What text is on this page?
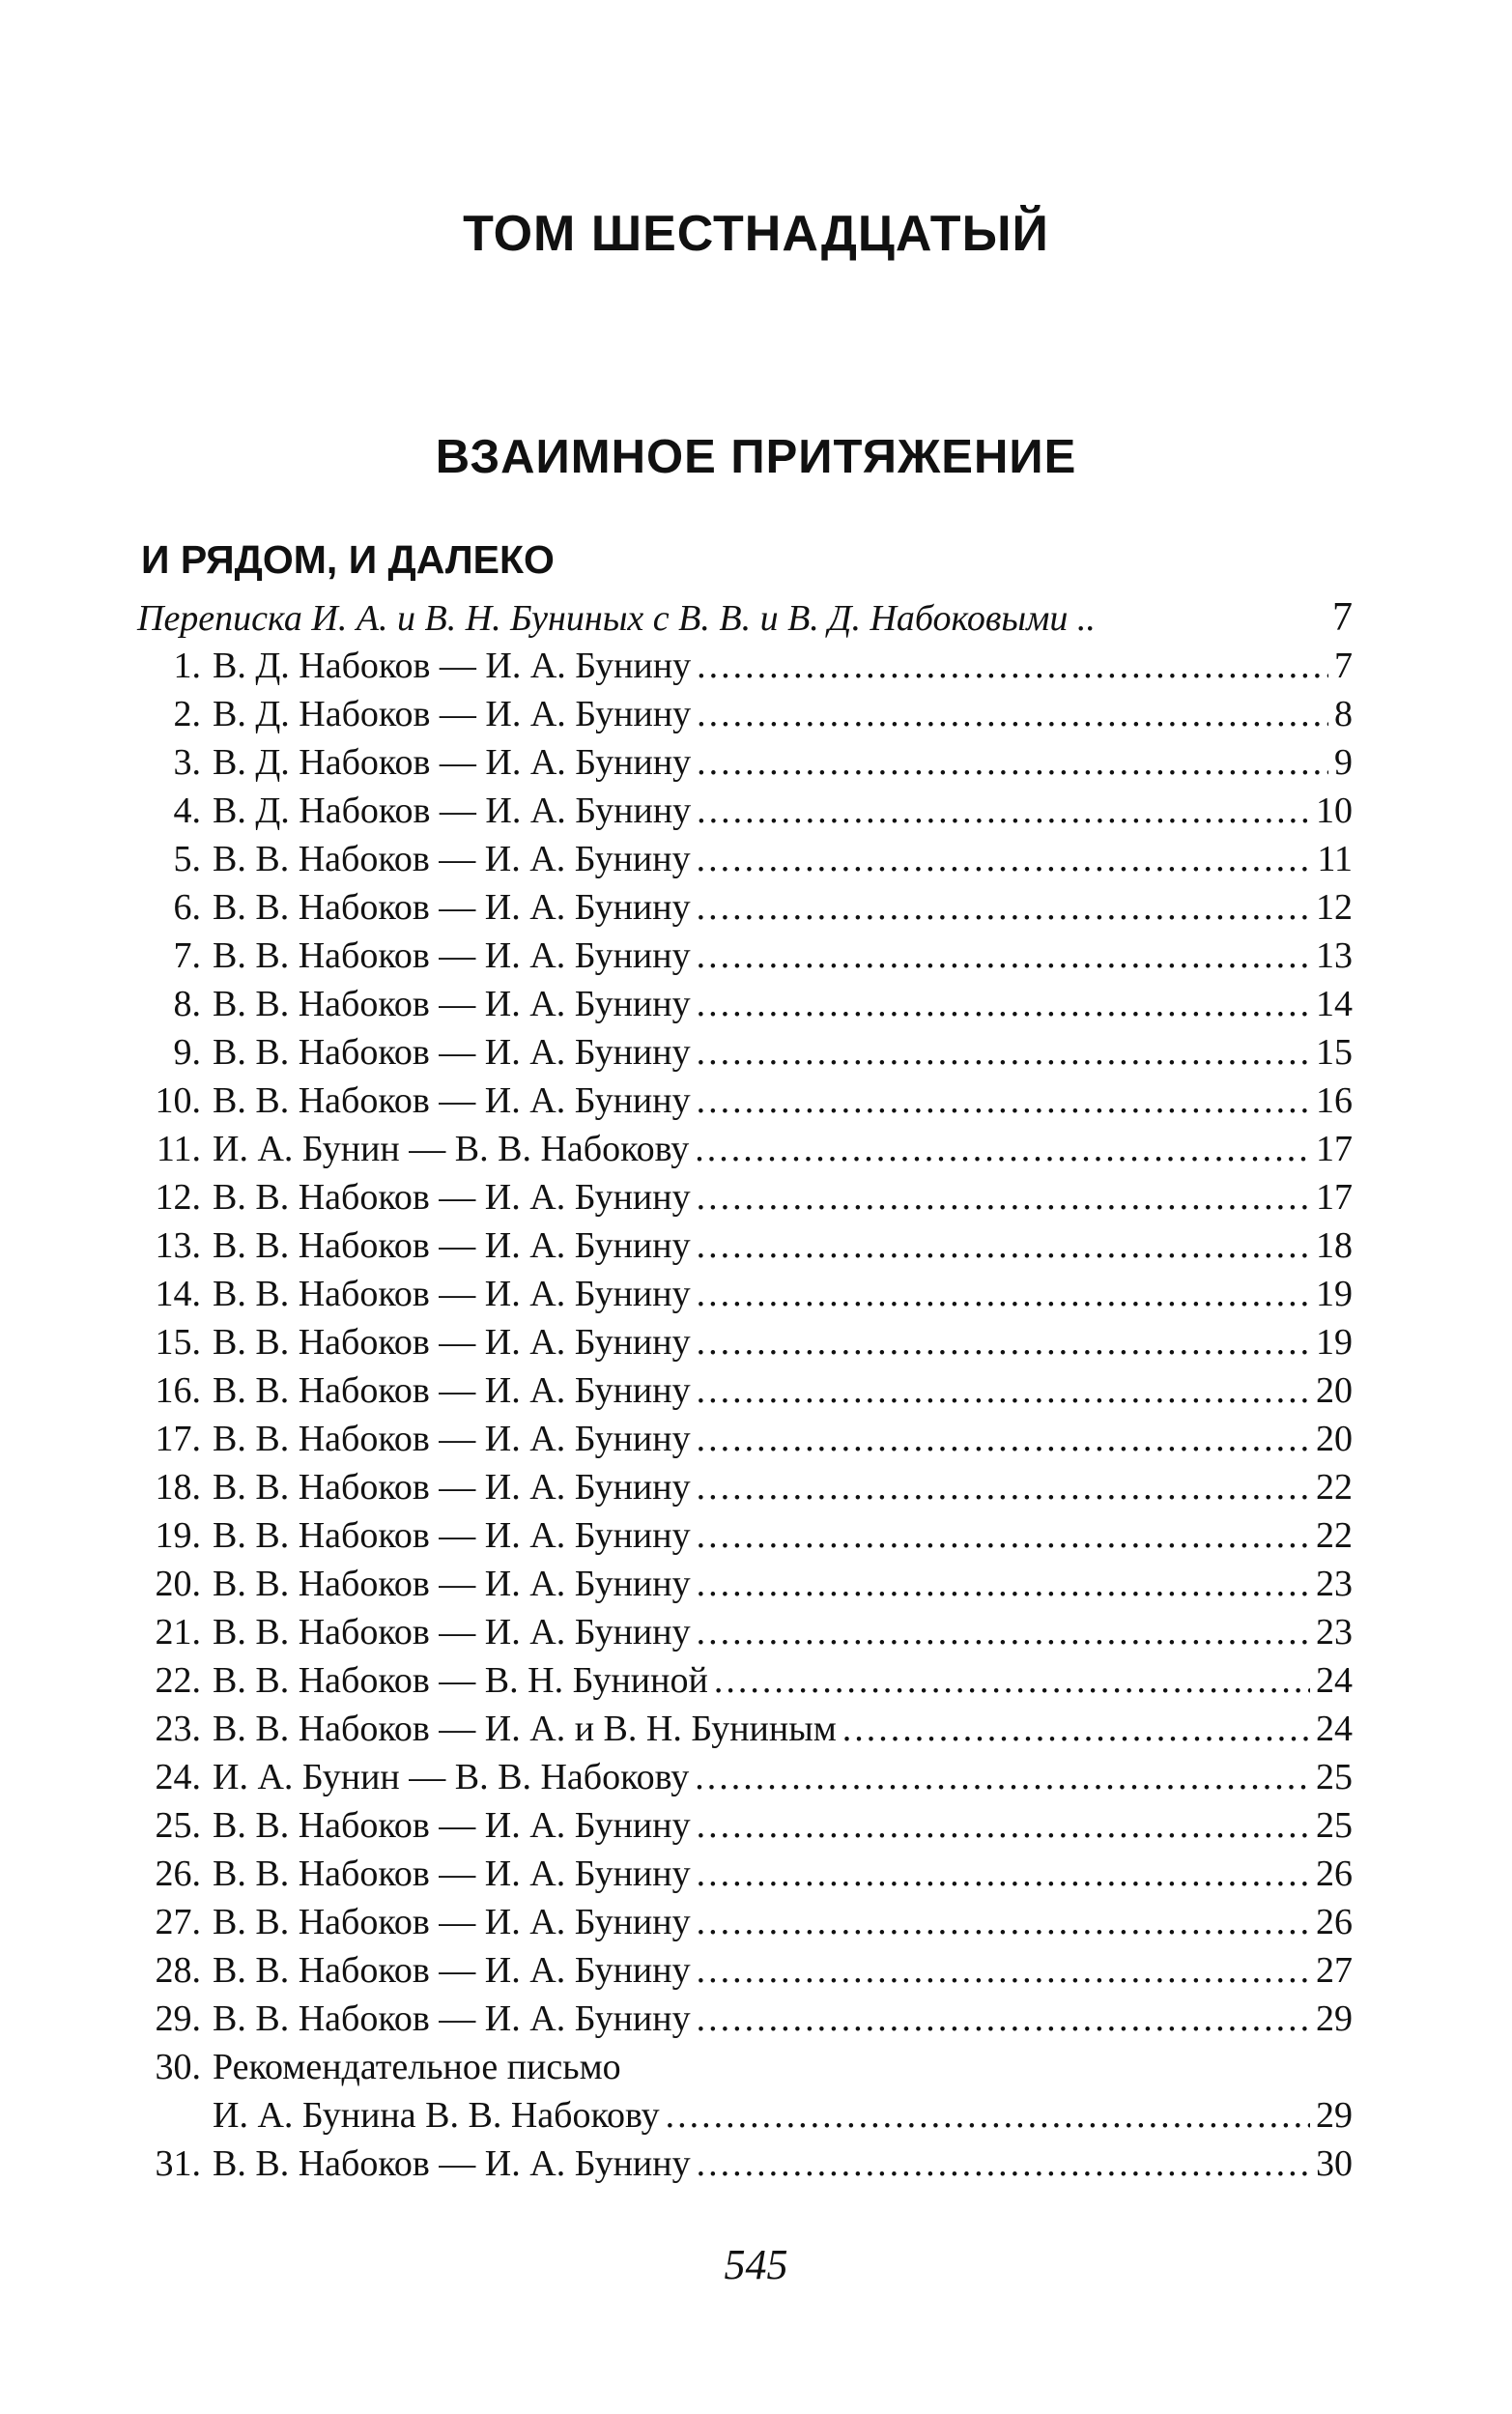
ТОМ ШЕСТНАДЦАТЫЙ
ВЗАИМНОЕ ПРИТЯЖЕНИЕ
И РЯДОМ, И ДАЛЕКО
Переписка И. А. и В. Н. Буниных с В. В. и В. Д. Набоковыми ..	7
1. В. Д. Набоков — И. А. Бунину .....	7
2. В. Д. Набоков — И. А. Бунину .....	8
3. В. Д. Набоков — И. А. Бунину .....	9
4. В. Д. Набоков — И. А. Бунину .....	10
5. В. В. Набоков — И. А. Бунину .....	11
6. В. В. Набоков — И. А. Бунину .....	12
7. В. В. Набоков — И. А. Бунину .....	13
8. В. В. Набоков — И. А. Бунину .....	14
9. В. В. Набоков — И. А. Бунину .....	15
10. В. В. Набоков — И. А. Бунину .....	16
11. И. А. Бунин — В. В. Набокову .....	17
12. В. В. Набоков — И. А. Бунину .....	17
13. В. В. Набоков — И. А. Бунину .....	18
14. В. В. Набоков — И. А. Бунину .....	19
15. В. В. Набоков — И. А. Бунину .....	19
16. В. В. Набоков — И. А. Бунину .....	20
17. В. В. Набоков — И. А. Бунину .....	20
18. В. В. Набоков — И. А. Бунину .....	22
19. В. В. Набоков — И. А. Бунину .....	22
20. В. В. Набоков — И. А. Бунину .....	23
21. В. В. Набоков — И. А. Бунину .....	23
22. В. В. Набоков — В. Н. Буниной .....	24
23. В. В. Набоков — И. А. и В. Н. Буниным .....	24
24. И. А. Бунин — В. В. Набокову .....	25
25. В. В. Набоков — И. А. Бунину .....	25
26. В. В. Набоков — И. А. Бунину .....	26
27. В. В. Набоков — И. А. Бунину .....	26
28. В. В. Набоков — И. А. Бунину .....	27
29. В. В. Набоков — И. А. Бунину .....	29
30. Рекомендательное письмо
И. А. Бунина В. В. Набокову .....	29
31. В. В. Набоков — И. А. Бунину .....	30
545
